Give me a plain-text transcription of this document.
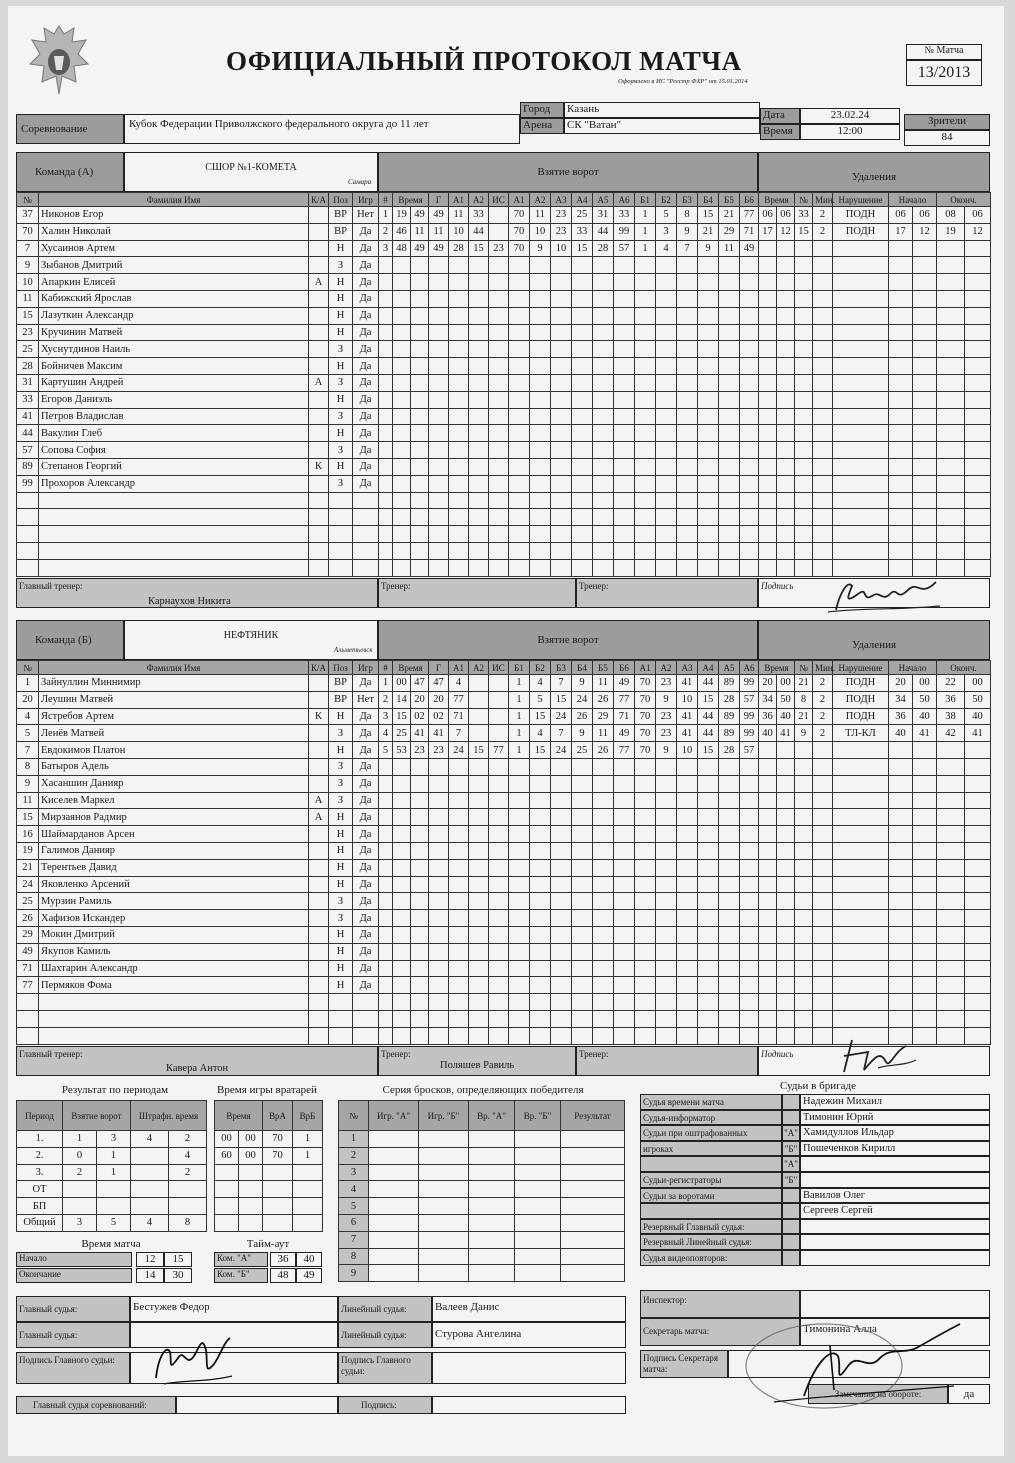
ОФИЦИАЛЬНЫЙ ПРОТОКОЛ МАТЧА
Оформлено в ИС "Реестр ФХР" от 15.01.2014
№ Матча
13/2013
Соревнование	Кубок Федерации Приволжского федерального округа до 11 лет
Город	Казань
Арена	СК "Ватан"
Дата	23.02.24
Время	12:00
Зрители
84
Команда (А)	СШОР №1-КОМЕТА
Самара
Взятие ворот	Удаления
№	Фамилия Имя	К/А	Поз	Игр
37	Никонов Егор		ВР	Нет
70	Халин Николай		ВР	Да
7	Хусаинов Артем		Н	Да
9	Зыбанов Дмитрий		З	Да
10	Апаркин Елисей	А	Н	Да
11	Кабижский Ярослав		Н	Да
15	Лазуткин Александр		Н	Да
23	Кручинин Матвей		Н	Да
25	Хуснутдинов Наиль		З	Да
28	Бойничев Максим		Н	Да
31	Картушин Андрей	А	З	Да
33	Егоров Даниэль		Н	Да
41	Петров Владислав		З	Да
44	Вакулин Глеб		Н	Да
57	Сопова София		З	Да
89	Степанов Георгий	К	Н	Да
99	Прохоров Александр		З	Да

#	Время		Г	А1	А2	ИС	А1	А2	А3	А4	А5	А6	Б1	Б2	Б3	Б4	Б5	Б6
1	19	49	49	11	33		70	11	23	25	31	33	1	5	8	15	21	77
2	46	11	11	10	44		70	10	23	33	44	99	1	3	9	21	29	71
3	48	49	49	28	15	23	70	9	10	15	28	57	1	4	7	9	11	49

Время		№	Мин.	Нарушение	Начало		Оконч.	
06	06	33	2	ПОДН	06	06	08	06
17	12	15	2	ПОДН	17	12	19	12

Главный тренер:
Карнаухов Никита
Тренер:	Тренер:	Подпись
Команда (Б)	НЕФТЯНИК
Альметьевск
Взятие ворот	Удаления
№	Фамилия Имя	К/А	Поз	Игр
1	Зайнуллин Миннимир		ВР	Да
20	Леушин Матвей		ВР	Нет
4	Ястребов Артем	К	Н	Да
5	Ленёв Матвей		З	Да
7	Евдокимов Платон		Н	Да
8	Батыров Адель		З	Да
9	Хасаншин Данияр		З	Да
11	Киселев Маркел	А	З	Да
15	Мирзаянов Радмир	А	Н	Да
16	Шаймарданов Арсен		Н	Да
19	Галимов Данияр		Н	Да
21	Терентьев Давид		Н	Да
24	Яковленко Арсений		Н	Да
25	Мурзин Рамиль		З	Да
26	Хафизов Искандер		З	Да
29	Мокин Дмитрий		Н	Да
49	Якупов Камиль		Н	Да
71	Шахтарин Александр		Н	Да
77	Пермяков Фома		Н	Да

#	Время		Г	А1	А2	ИС	Б1	Б2	Б3	Б4	Б5	Б6	А1	А2	А3	А4	А5	А6
1	00	47	47	4			1	4	7	9	11	49	70	23	41	44	89	99
2	14	20	20	77			1	5	15	24	26	77	70	9	10	15	28	57
3	15	02	02	71			1	15	24	26	29	71	70	23	41	44	89	99
4	25	41	41	7			1	4	7	9	11	49	70	23	41	44	89	99
5	53	23	23	24	15	77	1	15	24	25	26	77	70	9	10	15	28	57

Время		№	Мин.	Нарушение	Начало		Оконч.	
20	00	21	2	ПОДН	20	00	22	00
34	50	8	2	ПОДН	34	50	36	50
36	40	21	2	ПОДН	36	40	38	40
40	41	9	2	ТЛ-КЛ	40	41	42	41

Главный тренер:
Кавера Антон
Тренер:
Поляшев Равиль
Тренер:	Подпись
Результат по периодам
Период	Взятие ворот		Штрафн. время	
1.	1	3	4	2
2.	0	1		4
3.	2	1		2
ОТ				
БП				
Общий	3	5	4	8
Время игры вратарей
Время		ВрА	ВрБ
00	00	70	1
60	00	70	1

Серия бросков, определяющих победителя
№	Игр. "А"	Игр. "Б"	Вр. "А"	Вр. "Б"	Результат
1					
2					
3					
4					
5					
6					
7					
8					
9					
Время матча
Начало	12	15
Окончание	14	30
Тайм-аут
Ком. "А"	36	40
Ком. "Б"	48	49
Судьи в бригаде
Судья времени матча	Надежин Михаил
Судья-информатор	Тимонин Юрий
Судьи при оштрафованных	"А" Хамидуллов Ильдар
игроках	"Б" Пошеченков Кирилл
"А"
Судьи-регистраторы	"Б"
Судьи за воротами	Вавилов Олег
Сергеев Сергей
Резервный Главный судья:
Резервный Линейный судья:
Судья видеоповторов:
Главный судья:	Бестужев Федор
Главный судья:
Линейный судья:	Валеев Данис
Линейный судья:	Стурова Ангелина
Подпись Главного судьи:	Подпись Главного судьи:
Главный судья соревнований:	Подпись:
Инспектор:
Секретарь матча:	Тимонина Алла
Подпись Секретаря матча:
Замечания на обороте:	да
